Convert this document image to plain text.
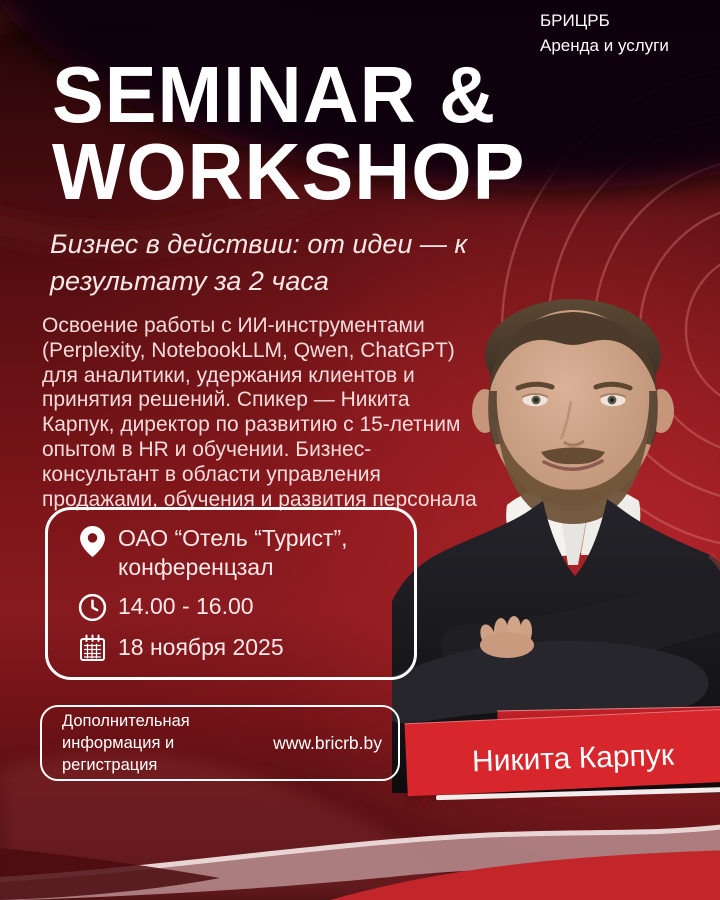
БРИЦРБ
Аренда и услуги
SEMINAR &
WORKSHOP
Бизнес в действии: от идеи — к
результату за 2 часа
Освоение работы с ИИ-инструментами (Perplexity, NotebookLLM, Qwen, ChatGPT) для аналитики, удержания клиентов и принятия решений. Спикер — Никита Карпук, директор по развитию с 15-летним опытом в HR и обучении. Бизнес-консультант в области управления продажами, обучения и развития персонала
ОАО “Отель “Турист”,
конференцзал
14.00 - 16.00
18 ноября 2025
Дополнительная
информация и регистрация
www.bricrb.by	Никита Карпук
